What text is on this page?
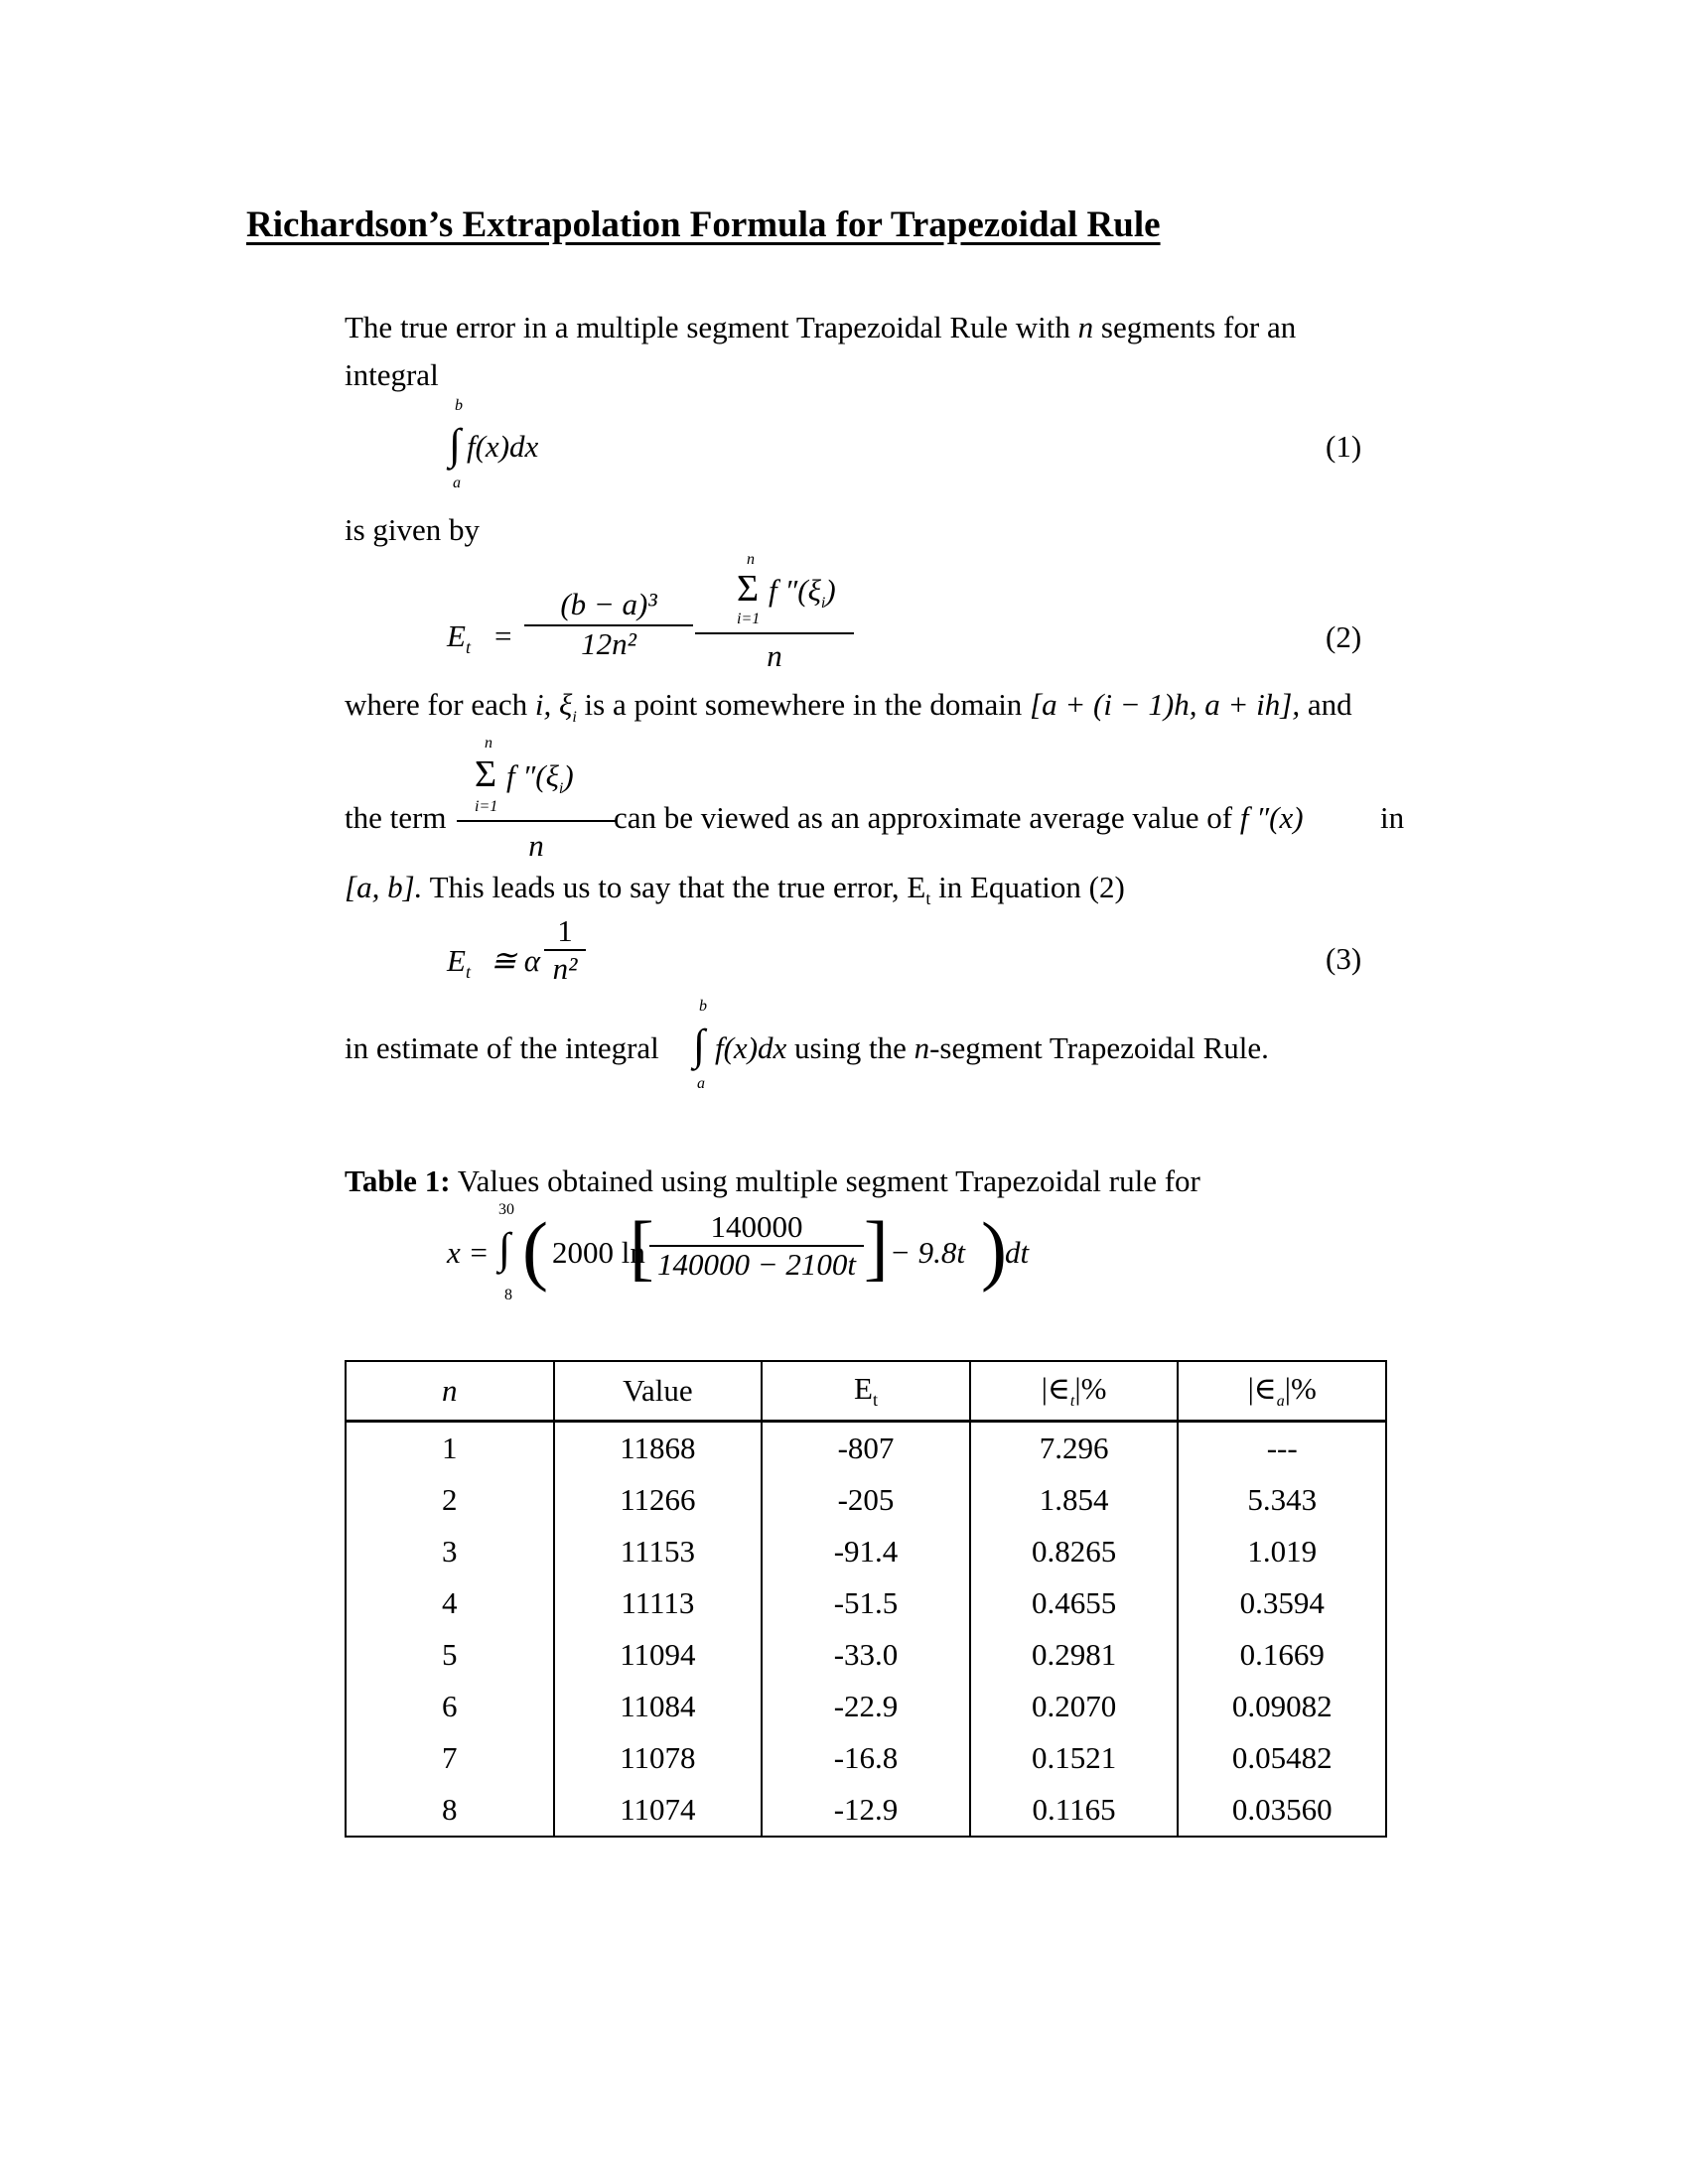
Richardson’s Extrapolation Formula for Trapezoidal Rule
The true error in a multiple segment Trapezoidal Rule with n segments for an
integral
b
∫
a
f(x)dx	(1)
is given by
$E_t = \frac{\text{(b − a)³}}{\text{12n²}}$ n
Σ
i=1
f $''(\xi_i)$
n	(2)
where for each i, $\xi_i$ is a point somewhere in the domain [a + (i − 1)h, a + ih], and
n
Σ
i=1
f $''(\xi_i)$
n
the term	can be viewed as an approximate average value of f ″(x) in
[a, b]. This leads us to say that the true error, $E_t$ in Equation (2)
$E_t$ ≅ α $\frac{1}{\text{n²}}$	(3)
in estimate of the integral
b
∫
a
f(x)dx using the n-segment Trapezoidal Rule.
Table 1: Values obtained using multiple segment Trapezoidal rule for
x =
30
∫
8
( 2000 ln
[
$\frac{140000}{140000 - 2100t}$ ] − 9.8t )
dt
n	Value	$E_t$	$|\in_t|\%$	$|\in_a|\%$
1	11868	-807	7.296	---
2	11266	-205	1.854	5.343
3	11153	-91.4	0.8265	1.019
4	11113	-51.5	0.4655	0.3594
5	11094	-33.0	0.2981	0.1669
6	11084	-22.9	0.2070	0.09082
7	11078	-16.8	0.1521	0.05482
8	11074	-12.9	0.1165	0.03560
